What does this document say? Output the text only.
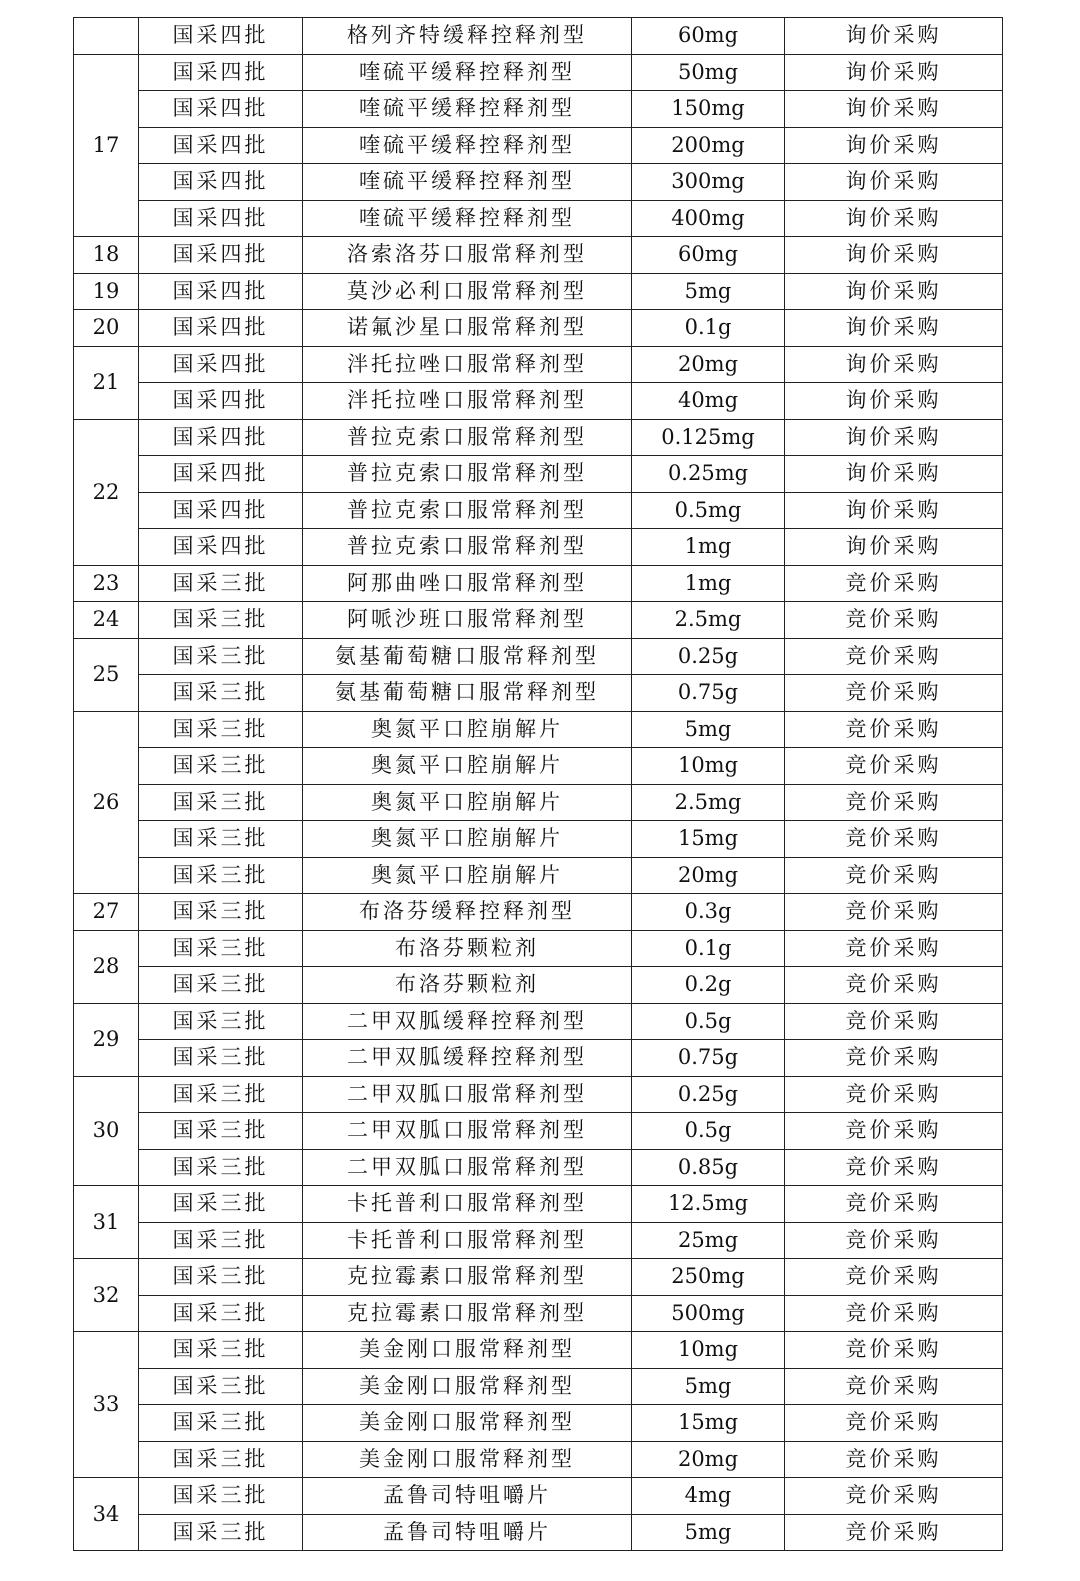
	国采四批	格列齐特缓释控释剂型	60mg	询价采购
17	国采四批	喹硫平缓释控释剂型	50mg	询价采购
	国采四批	喹硫平缓释控释剂型	150mg	询价采购
	国采四批	喹硫平缓释控释剂型	200mg	询价采购
	国采四批	喹硫平缓释控释剂型	300mg	询价采购
	国采四批	喹硫平缓释控释剂型	400mg	询价采购
18	国采四批	洛索洛芬口服常释剂型	60mg	询价采购
19	国采四批	莫沙必利口服常释剂型	5mg	询价采购
20	国采四批	诺氟沙星口服常释剂型	0.1g	询价采购
21	国采四批	泮托拉唑口服常释剂型	20mg	询价采购
	国采四批	泮托拉唑口服常释剂型	40mg	询价采购
22	国采四批	普拉克索口服常释剂型	0.125mg	询价采购
	国采四批	普拉克索口服常释剂型	0.25mg	询价采购
	国采四批	普拉克索口服常释剂型	0.5mg	询价采购
	国采四批	普拉克索口服常释剂型	1mg	询价采购
23	国采三批	阿那曲唑口服常释剂型	1mg	竞价采购
24	国采三批	阿哌沙班口服常释剂型	2.5mg	竞价采购
25	国采三批	氨基葡萄糖口服常释剂型	0.25g	竞价采购
	国采三批	氨基葡萄糖口服常释剂型	0.75g	竞价采购
26	国采三批	奥氮平口腔崩解片	5mg	竞价采购
	国采三批	奥氮平口腔崩解片	10mg	竞价采购
	国采三批	奥氮平口腔崩解片	2.5mg	竞价采购
	国采三批	奥氮平口腔崩解片	15mg	竞价采购
	国采三批	奥氮平口腔崩解片	20mg	竞价采购
27	国采三批	布洛芬缓释控释剂型	0.3g	竞价采购
28	国采三批	布洛芬颗粒剂	0.1g	竞价采购
	国采三批	布洛芬颗粒剂	0.2g	竞价采购
29	国采三批	二甲双胍缓释控释剂型	0.5g	竞价采购
	国采三批	二甲双胍缓释控释剂型	0.75g	竞价采购
30	国采三批	二甲双胍口服常释剂型	0.25g	竞价采购
	国采三批	二甲双胍口服常释剂型	0.5g	竞价采购
	国采三批	二甲双胍口服常释剂型	0.85g	竞价采购
31	国采三批	卡托普利口服常释剂型	12.5mg	竞价采购
	国采三批	卡托普利口服常释剂型	25mg	竞价采购
32	国采三批	克拉霉素口服常释剂型	250mg	竞价采购
	国采三批	克拉霉素口服常释剂型	500mg	竞价采购
33	国采三批	美金刚口服常释剂型	10mg	竞价采购
	国采三批	美金刚口服常释剂型	5mg	竞价采购
	国采三批	美金刚口服常释剂型	15mg	竞价采购
	国采三批	美金刚口服常释剂型	20mg	竞价采购
34	国采三批	孟鲁司特咀嚼片	4mg	竞价采购
	国采三批	孟鲁司特咀嚼片	5mg	竞价采购
